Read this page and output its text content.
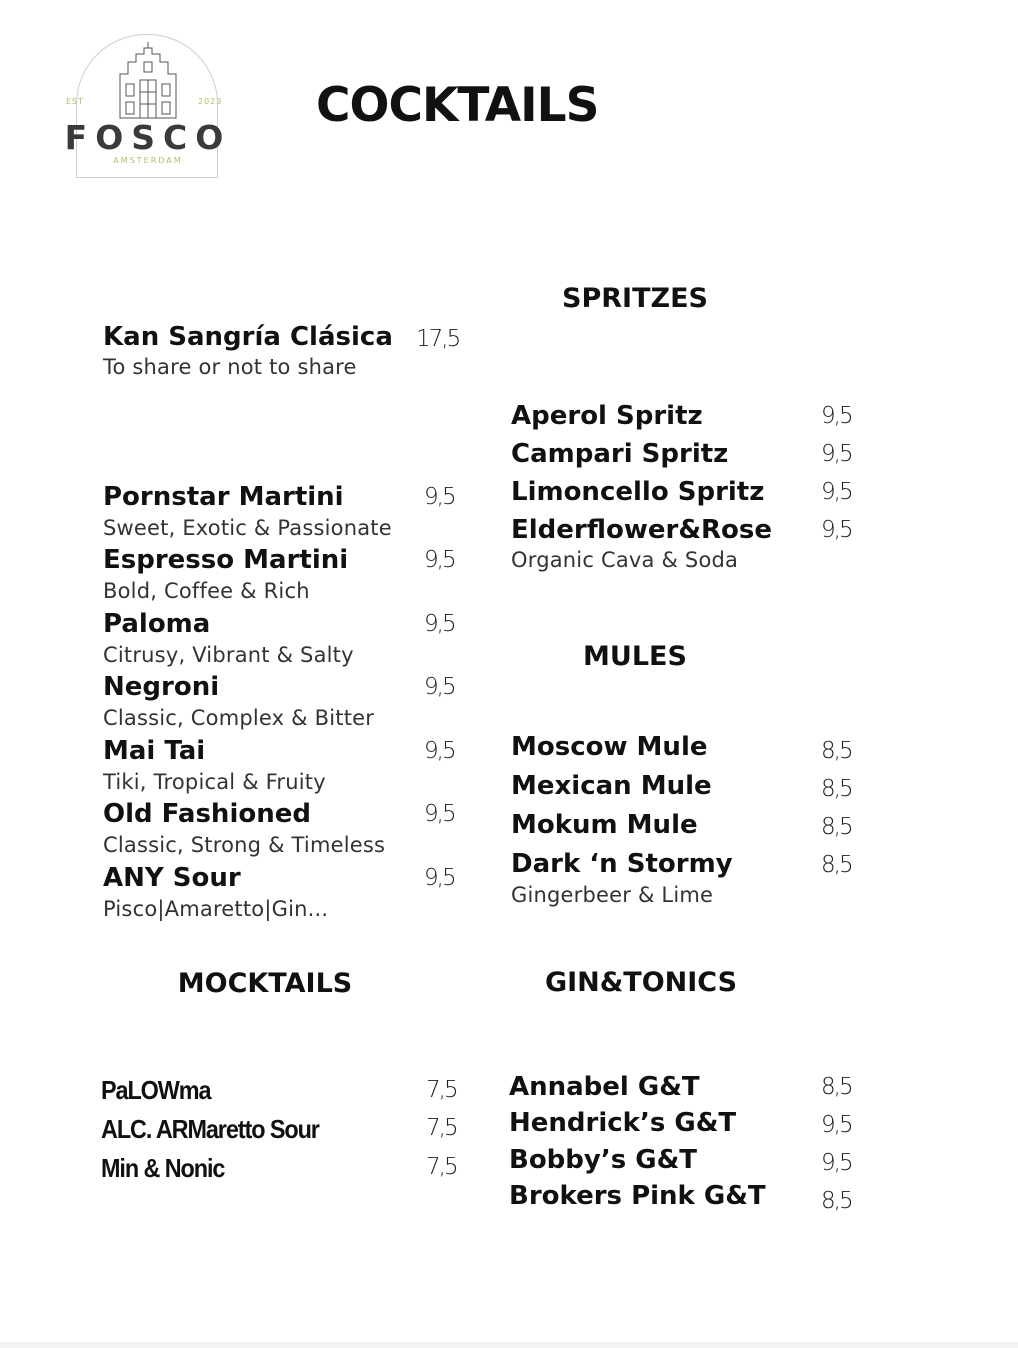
EST	2023
FOSCO
AMSTERDAM
COCKTAILS
Kan Sangría Clásica 17,5
To share or not to share
Pornstar Martini	9,5
Sweet, Exotic & Passionate
Espresso Martini	9,5
Bold, Coffee & Rich
Paloma	9,5
Citrusy, Vibrant & Salty
Negroni	9,5
Classic, Complex & Bitter
Mai Tai	9,5
Tiki, Tropical & Fruity
Old Fashioned	9,5
Classic, Strong & Timeless
ANY Sour	9,5
Pisco|Amaretto|Gin...
SPRITZES
Aperol Spritz	9,5
Campari Spritz	9,5
Limoncello Spritz 9,5
Elderflower&Rose 9,5
Organic Cava & Soda
MULES
Moscow Mule	8,5
Mexican Mule	8,5
Mokum Mule	8,5
Dark ‘n Stormy	8,5
Gingerbeer & Lime
MOCKTAILS
PaLOWma	7,5
ALC. ARMaretto Sour	7,5
Min & Nonic	7,5
GIN&TONICS
Annabel G&T	8,5
Hendrick’s G&T	9,5
Bobby’s G&T	9,5
Brokers Pink G&T 8,5
